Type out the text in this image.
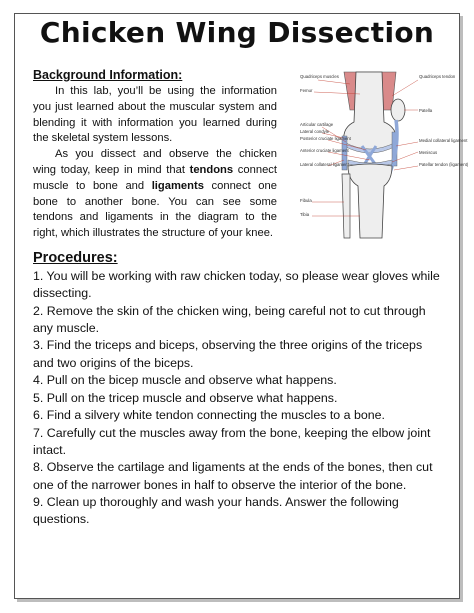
Chicken Wing Dissection
Background Information:

In this lab, you’ll be using the information you just learned about the muscular system and blending it with information you learned during the skeletal system lessons.

As you dissect and observe the chicken wing today, keep in mind that tendons connect muscle to bone and ligaments connect one bone to another bone. You can see some tendons and ligaments in the diagram to the right, which illustrates the structure of your knee.

Quadriceps muscles
Femur
Articular cartilage
Lateral condyle
Posterior cruciate ligament
Anterior cruciate ligament
Lateral collateral ligament
Fibula
Tibia
Quadriceps tendon
Patella
Medial collateral ligament
Meniscus
Patellar tendon (ligament)
Procedures:
1. You will be working with raw chicken today, so please wear gloves while dissecting.
2. Remove the skin of the chicken wing, being careful not to cut through any muscle.
3. Find the triceps and biceps, observing the three origins of the triceps and two origins of the biceps.
4. Pull on the bicep muscle and observe what happens.
5. Pull on the tricep muscle and observe what happens.
6. Find a silvery white tendon connecting the muscles to a bone.
7. Carefully cut the muscles away from the bone, keeping the elbow joint intact.
8. Observe the cartilage and ligaments at the ends of the bones, then cut one of the narrower bones in half to observe the interior of the bone.
9. Clean up thoroughly and wash your hands. Answer the following questions.
